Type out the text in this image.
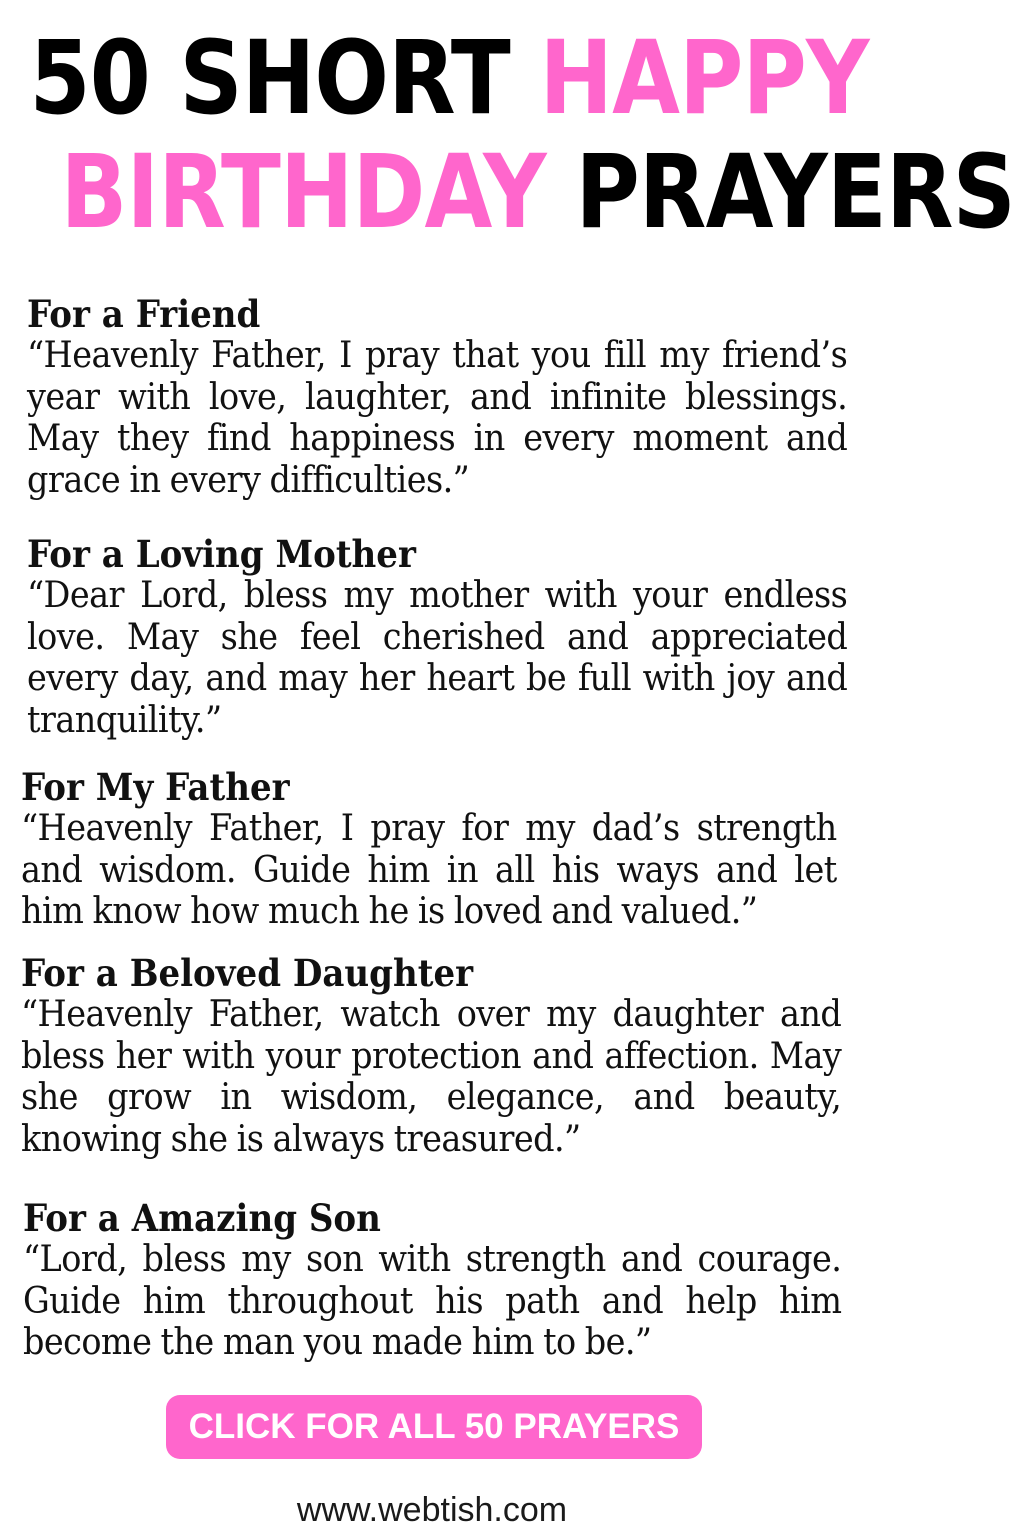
50 SHORT HAPPY
BIRTHDAY PRAYERS
For a Friend

“Heavenly Father, I pray that you fill my friend’s year with love, laughter, and infinite blessings. May they find happiness in every moment and grace in every difficulties.”

For a Loving Mother

“Dear Lord, bless my mother with your endless love. May she feel cherished and appreciated every day, and may her heart be full with joy and tranquility.”

For My Father

“Heavenly Father, I pray for my dad’s strength and wisdom. Guide him in all his ways and let him know how much he is loved and valued.”

For a Beloved Daughter

“Heavenly Father, watch over my daughter and bless her with your protection and affection. May she grow in wisdom, elegance, and beauty, knowing she is always treasured.”

For a Amazing Son

“Lord, bless my son with strength and courage. Guide him throughout his path and help him become the man you made him to be.”

CLICK FOR ALL 50 PRAYERS
www.webtish.com
